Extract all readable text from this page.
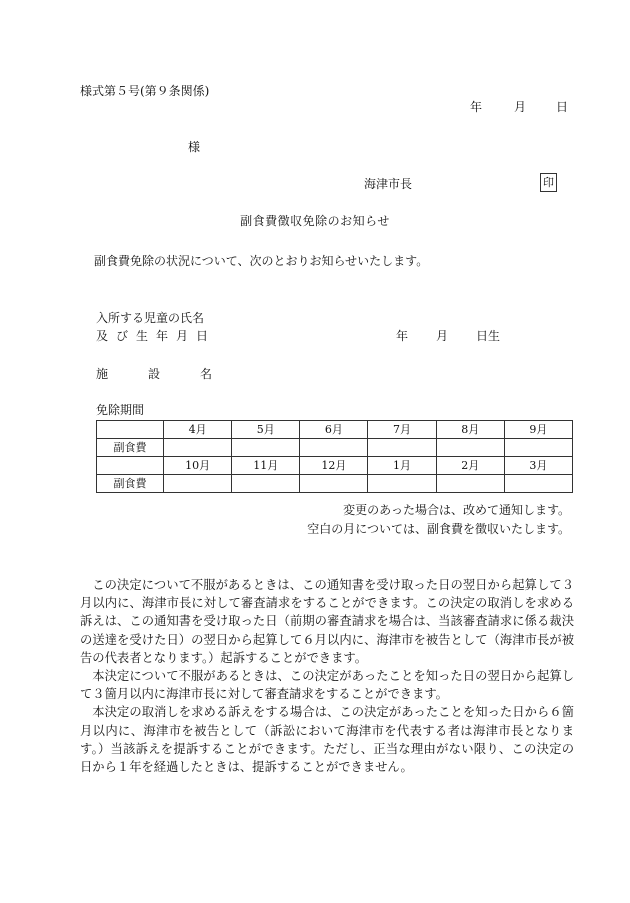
様式第５号(第９条関係)
年	月 日
様
海津市長	印
副食費徴収免除のお知らせ
副食費免除の状況について、次のとおりお知らせいたします。
入所する児童の氏名
及び生年月日	年 月 日生
施	設	名
免除期間
	4月	5月	6月	7月	8月	9月
副食費						
	10月	11月	12月	1月	2月	3月
副食費						
変更のあった場合は、改めて通知します。
空白の月については、副食費を徴収いたします。

この決定について不服があるときは、この通知書を受け取った日の翌日から起算して３月以内に、海津市長に対して審査請求をすることができます。この決定の取消しを求める訴えは、この通知書を受け取った日（前期の審査請求を場合は、当該審査請求に係る裁決の送達を受けた日）の翌日から起算して６月以内に、海津市を被告として（海津市長が被告の代表者となります。）起訴することができます。

本決定について不服があるときは、この決定があったことを知った日の翌日から起算して３箇月以内に海津市長に対して審査請求をすることができます。

本決定の取消しを求める訴えをする場合は、この決定があったことを知った日から６箇月以内に、海津市を被告として（訴訟において海津市を代表する者は海津市長となります。）当該訴えを提訴することができます。ただし、正当な理由がない限り、この決定の日から１年を経過したときは、提訴することができません。
